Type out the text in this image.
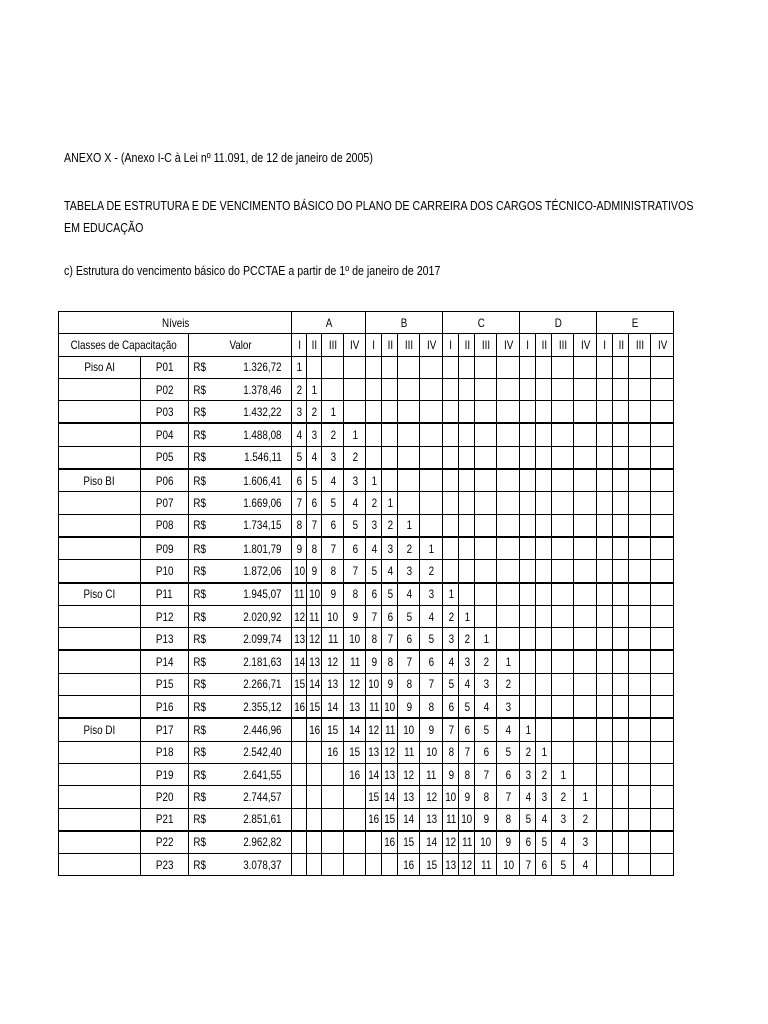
ANEXO X - (Anexo I-C à Lei nº 11.091, de 12 de janeiro de 2005)
TABELA DE ESTRUTURA E DE VENCIMENTO BÁSICO DO PLANO DE CARREIRA DOS CARGOS TÉCNICO-ADMINISTRATIVOS EM EDUCAÇÃO
c) Estrutura do vencimento básico do PCCTAE a partir de 1º de janeiro de 2017
Níveis				A				B				C				D				E			
Classes de Capacitação		Valor		I	II	III	IV	I	II	III	IV	I	II	III	IV	I	II	III	IV	I	II	III	IV
Piso AI	P01	R$	1.326,72	1																			
	P02	R$	1.378,46	2	1																		
	P03	R$	1.432,22	3	2	1																	
	P04	R$	1.488,08	4	3	2	1																
	P05	R$	1.546,11	5	4	3	2																
Piso BI	P06	R$	1.606,41	6	5	4	3	1															
	P07	R$	1.669,06	7	6	5	4	2	1														
	P08	R$	1.734,15	8	7	6	5	3	2	1													
	P09	R$	1.801,79	9	8	7	6	4	3	2	1												
	P10	R$	1.872,06	10	9	8	7	5	4	3	2												
Piso CI	P11	R$	1.945,07	11	10	9	8	6	5	4	3	1											
	P12	R$	2.020,92	12	11	10	9	7	6	5	4	2	1										
	P13	R$	2.099,74	13	12	11	10	8	7	6	5	3	2	1									
	P14	R$	2.181,63	14	13	12	11	9	8	7	6	4	3	2	1								
	P15	R$	2.266,71	15	14	13	12	10	9	8	7	5	4	3	2								
	P16	R$	2.355,12	16	15	14	13	11	10	9	8	6	5	4	3								
Piso DI	P17	R$	2.446,96		16	15	14	12	11	10	9	7	6	5	4	1							
	P18	R$	2.542,40			16	15	13	12	11	10	8	7	6	5	2	1						
	P19	R$	2.641,55				16	14	13	12	11	9	8	7	6	3	2	1					
	P20	R$	2.744,57					15	14	13	12	10	9	8	7	4	3	2	1				
	P21	R$	2.851,61					16	15	14	13	11	10	9	8	5	4	3	2				
	P22	R$	2.962,82						16	15	14	12	11	10	9	6	5	4	3				
	P23	R$	3.078,37							16	15	13	12	11	10	7	6	5	4				
